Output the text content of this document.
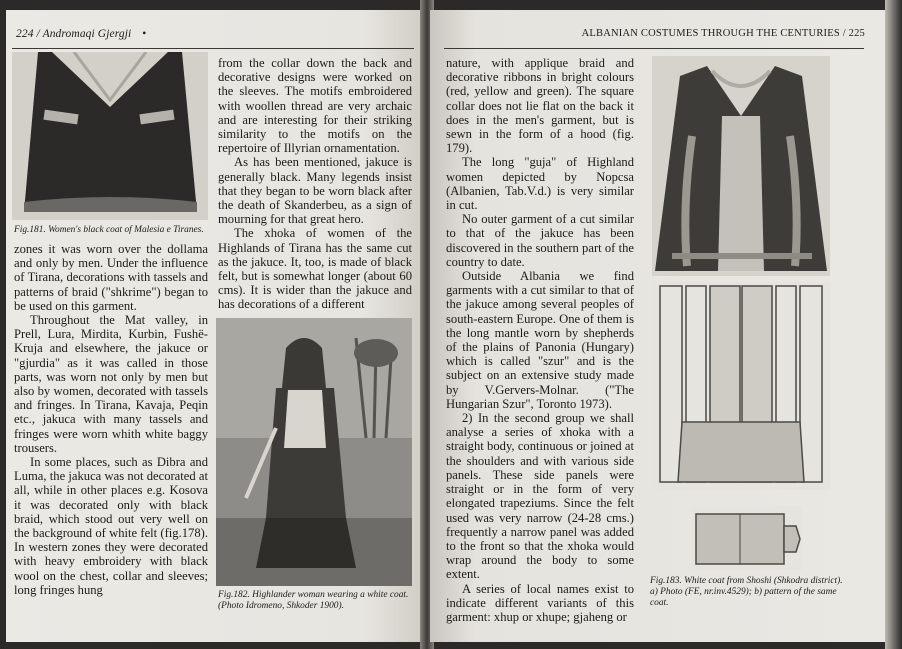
224 / Andromaqi Gjergji •
Fig.181. Women's black coat of Malesia e Tiranes.

zones it was worn over the dollama and only by men. Under the influence of Tirana, decorations with tassels and patterns of braid ("shkrime") began to be used on this garment.

Throughout the Mat valley, in Prell, Lura, Mirdita, Kurbin, Fushë-Kruja and elsewhere, the jakuce or "gjurdia" as it was called in those parts, was worn not only by men but also by women, decorated with tassels and fringes. In Tirana, Kavaja, Peqin etc., jakuca with many tassels and fringes were worn whith white baggy trousers.

In some places, such as Dibra and Luma, the jakuca was not decorated at all, while in other places e.g. Kosova it was decorated only with black braid, which stood out very well on the background of white felt (fig.178). In western zones they were decorated with heavy embroidery with black wool on the chest, collar and sleeves; long fringes hung

from the collar down the back and decorative designs were worked on the sleeves. The motifs embroidered with woollen thread are very archaic and are interesting for their striking similarity to the motifs on the repertoire of Illyrian ornamentation.

As has been mentioned, jakuce is generally black. Many legends insist that they began to be worn black after the death of Skanderbeu, as a sign of mourning for that great hero.

The xhoka of women of the Highlands of Tirana has the same cut as the jakuce. It, too, is made of black felt, but is somewhat longer (about 60 cms). It is wider than the jakuce and has decorations of a different

Fig.182. Highlander woman wearing a white coat. (Photo Idromeno, Shkoder 1900).
ALBANIAN COSTUMES THROUGH THE CENTURIES / 225

nature, with applique braid and decorative ribbons in bright colours (red, yellow and green). The square collar does not lie flat on the back it does in the men's garment, but is sewn in the form of a hood (fig. 179).

The long "guja" of Highland women depicted by Nopcsa (Albanien, Tab.V.d.) is very similar in cut.

No outer garment of a cut similar to that of the jakuce has been discovered in the southern part of the country to date.

Outside Albania we find garments with a cut similar to that of the jakuce among several peoples of south-eastern Europe. One of them is the long mantle worn by shepherds of the plains of Panonia (Hungary) which is called "szur" and is the subject on an extensive study made by V.Gervers-Molnar. ("The Hungarian Szur", Toronto 1973).

2) In the second group we shall analyse a series of xhoka with a straight body, continuous or joined at the shoulders and with various side panels. These side panels were straight or in the form of very elongated trapeziums. Since the felt used was very narrow (24-28 cms.) frequently a narrow panel was added to the front so that the xhoka would wrap around the body to some extent.

A series of local names exist to indicate different variants of this garment: xhup or xhupe; gjaheng or

Fig.183. White coat from Shoshi (Shkodra district).
a) Photo (FE, nr.inv.4529); b) pattern of the same
coat.
